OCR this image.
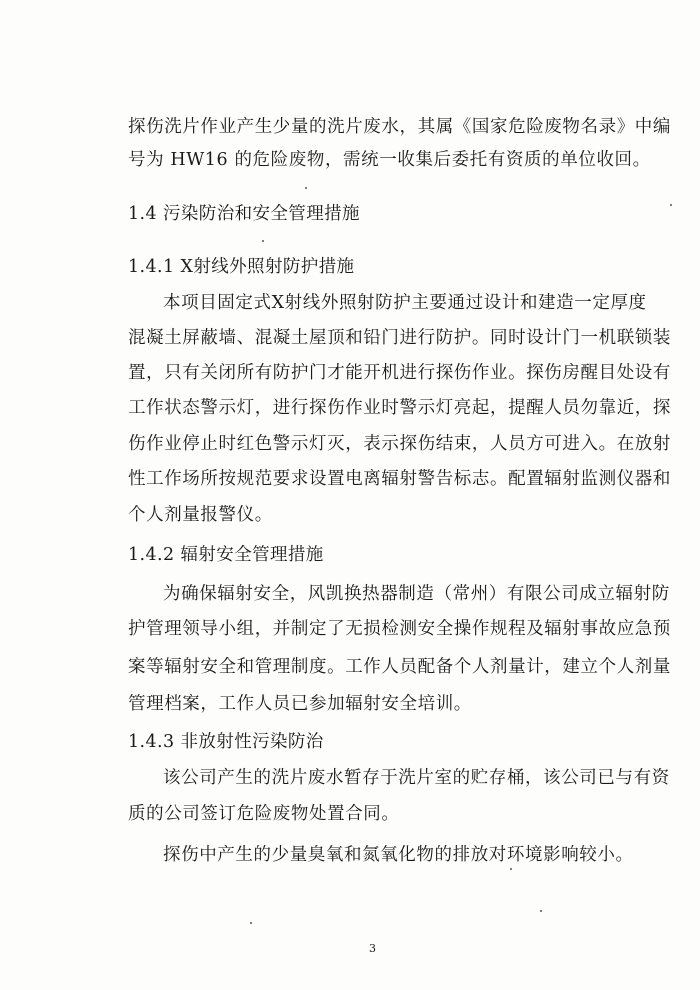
探伤洗片作业产生少量的洗片废水，其属《国家危险废物名录》中编
号为 HW16 的危险废物，需统一收集后委托有资质的单位收回。
1.4 污染防治和安全管理措施
1.4.1 X射线外照射防护措施
本项目固定式X射线外照射防护主要通过设计和建造一定厚度
混凝土屏蔽墙、混凝土屋顶和铅门进行防护。同时设计门一机联锁装
置，只有关闭所有防护门才能开机进行探伤作业。探伤房醒目处设有
工作状态警示灯，进行探伤作业时警示灯亮起，提醒人员勿靠近，探
伤作业停止时红色警示灯灭，表示探伤结束，人员方可进入。在放射
性工作场所按规范要求设置电离辐射警告标志。配置辐射监测仪器和
个人剂量报警仪。
1.4.2 辐射安全管理措施
为确保辐射安全，风凯换热器制造（常州）有限公司成立辐射防
护管理领导小组，并制定了无损检测安全操作规程及辐射事故应急预
案等辐射安全和管理制度。工作人员配备个人剂量计，建立个人剂量
管理档案，工作人员已参加辐射安全培训。
1.4.3 非放射性污染防治
该公司产生的洗片废水暂存于洗片室的贮存桶，该公司已与有资
质的公司签订危险废物处置合同。
探伤中产生的少量臭氧和氮氧化物的排放对环境影响较小。
3
